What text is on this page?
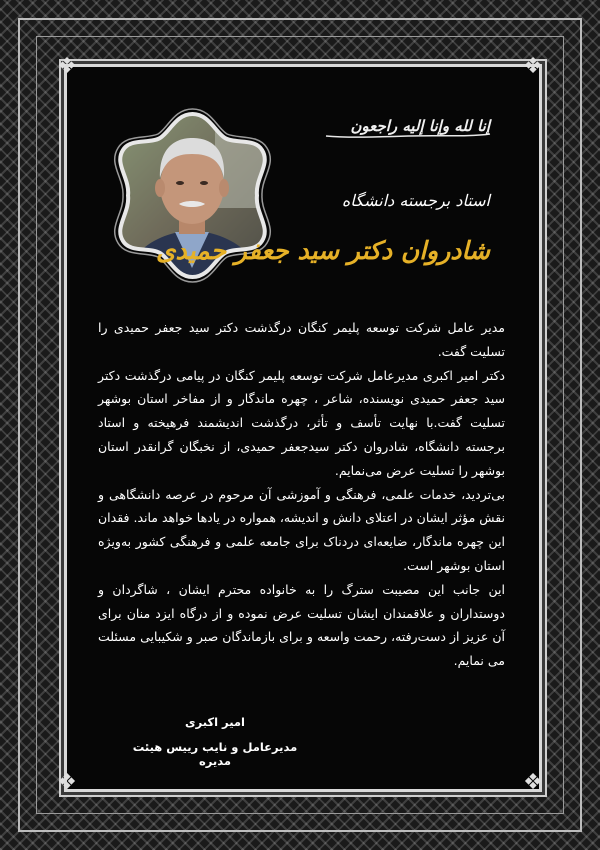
❖	❖
❖	❖
إنا لله وإنا إليه راجعون
استاد برجسته دانشگاه
شادروان دکتر سید جعفر حمیدی

مدیر عامل شرکت توسعه پلیمر کنگان درگذشت دکتر سید جعفر حمیدی را تسلیت گفت.

دکتر امیر اکبری مدیرعامل شرکت توسعه پلیمر کنگان در پیامی درگذشت دکتر سید جعفر حمیدی نویسنده، شاعر ، چهره ماندگار و از مفاخر استان بوشهر تسلیت گفت.با نهایت تأسف و تأثر، درگذشت اندیشمند فرهیخته و استاد برجسته دانشگاه، شادروان دکتر سیدجعفر حمیدی، از نخبگان گرانقدر استان بوشهر را تسلیت عرض می‌نمایم.

بی‌تردید، خدمات علمی، فرهنگی و آموزشی آن مرحوم در عرصه دانشگاهی و نقش مؤثر ایشان در اعتلای دانش و اندیشه، همواره در یادها خواهد ماند. فقدان این چهره ماندگار، ضایعه‌ای دردناک برای جامعه علمی و فرهنگی کشور به‌ویژه استان بوشهر است.

این جانب این مصیبت سترگ را به خانواده محترم ایشان ، شاگردان و دوستداران و علاقمندان ایشان تسلیت عرض نموده و از درگاه ایزد منان برای آن عزیز از دست‌رفته، رحمت واسعه و برای بازماندگان صبر و شکیبایی مسئلت می نمایم.

امیر اکبری
مدیرعامل و نایب رییس هیئت مدیره
